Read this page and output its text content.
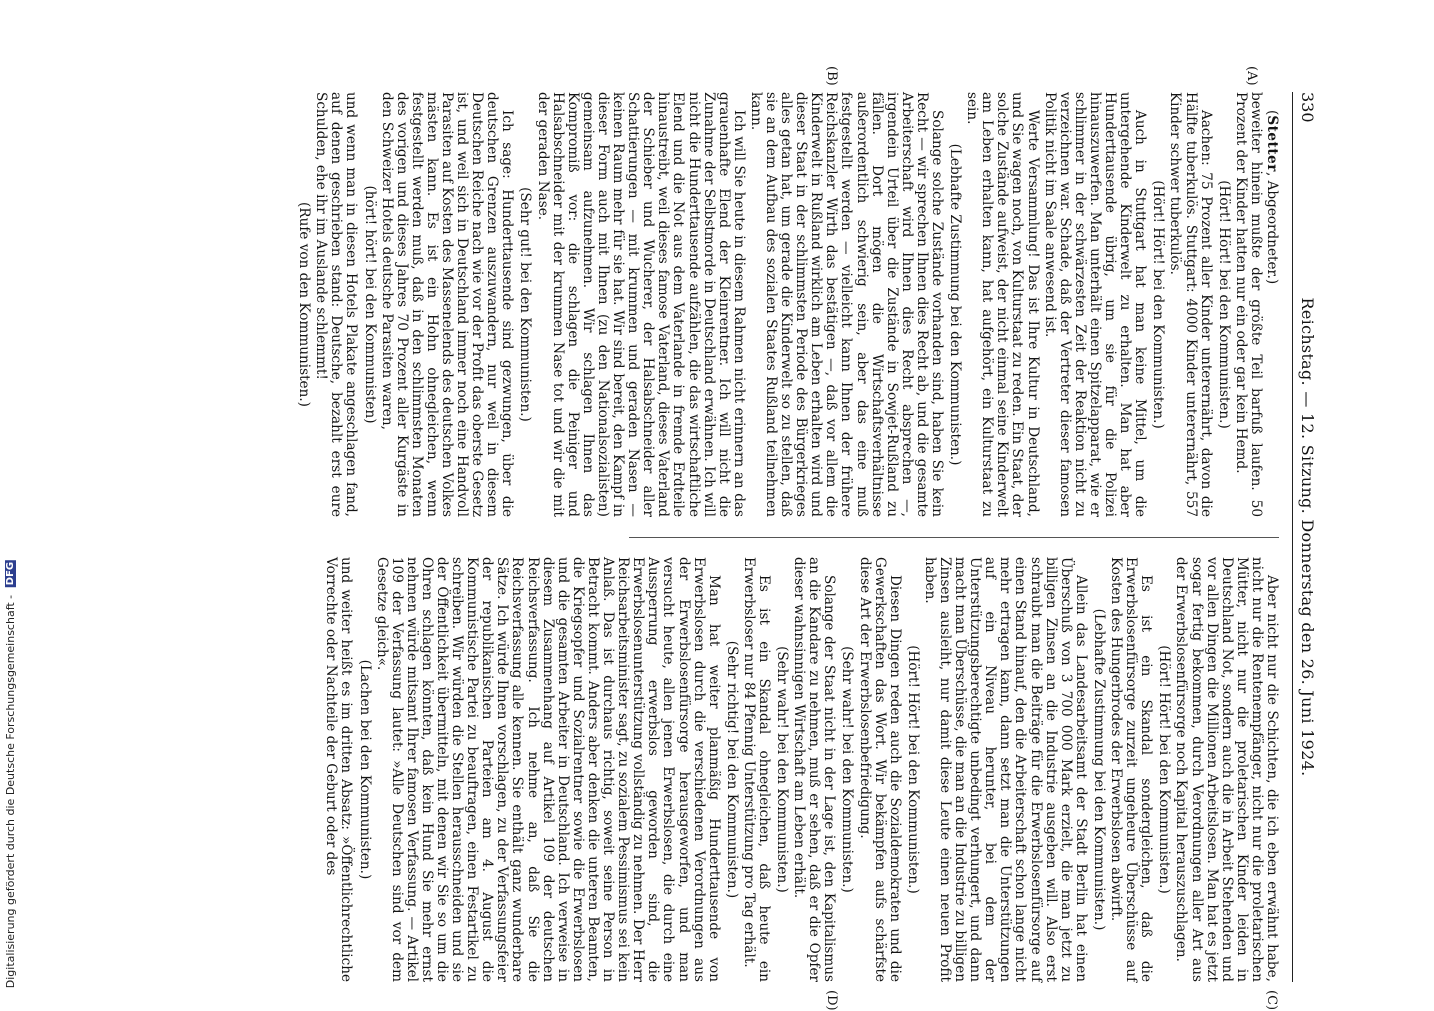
330
Reichstag. — 12. Sitzung. Donnerstag den 26. Juni 1924.
(A)
(B)
(C)
(D)
(Stetter, Abgeordneter.)

beweiter hinein mußte der größte Teil barfuß laufen. 50 Prozent der Kinder hatten nur ein oder gar kein Hemd.

(Hört! Hört! bei den Kommunisten.)

Aachen: 75 Prozent aller Kinder unterernährt, davon die Hälfte tuberkulös. Stuttgart: 4000 Kinder unterernährt, 557 Kinder schwer tuberkulös.

(Hört! Hört! bei den Kommunisten.)

Auch in Stuttgart hat man keine Mittel, um die untergehende Kinderwelt zu erhalten. Man hat aber Hunderttausende übrig, um sie für die Polizei hinauszuwerfen. Man unterhält einen Spitzelapparat, wie er schlimmer in der schwärzesten Zeit der Reaktion nicht zu verzeichnen war. Schade, daß der Vertreter dieser famosen Politik nicht im Saale anwesend ist.

Werte Versammlung! Das ist Ihre Kultur in Deutschland, und Sie wagen noch, von Kulturstaat zu reden. Ein Staat, der solche Zustände aufweist, der nicht einmal seine Kinderwelt am Leben erhalten kann, hat aufgehört, ein Kulturstaat zu sein.

(Lebhafte Zustimmung bei den Kommunisten.)

Solange solche Zustände vorhanden sind, haben Sie kein Recht — wir sprechen Ihnen dies Recht ab, und die gesamte Arbeiterschaft wird Ihnen dies Recht absprechen —, irgendein Urteil über die Zustände in Sowjet-Rußland zu fällen. Dort mögen die Wirtschaftsverhältnisse außerordentlich schwierig sein, aber das eine muß festgestellt werden — vielleicht kann Ihnen der frühere Reichskanzler Wirth das bestätigen —, daß vor allem die Kinderwelt in Rußland wirklich am Leben erhalten wird und dieser Staat in der schlimmsten Periode des Bürgerkrieges alles getan hat, um gerade die Kinderwelt so zu stellen, daß sie an dem Aufbau des sozialen Staates Rußland teilnehmen kann.

Ich will Sie heute in diesem Rahmen nicht erinnern an das grauenhafte Elend der Kleinrentner. Ich will nicht die Zunahme der Selbstmorde in Deutschland erwähnen. Ich will nicht die Hunderttausende aufzählen, die das wirtschaftliche Elend und die Not aus dem Vaterlande in fremde Erdteile hinaustreibt, weil dieses famose Vaterland, dieses Vaterland der Schieber und Wucherer, der Halsabschneider aller Schattierungen — mit krummen und geraden Nasen — keinen Raum mehr für sie hat. Wir sind bereit, den Kampf in dieser Form auch mit Ihnen (zu den Nationalsozialisten) gemeinsam aufzunehmen. Wir schlagen Ihnen das Kompromiß vor: die schlagen die Peiniger und Halsabschneider mit der krummen Nase tot und wir die mit der geraden Nase.

(Sehr gut! bei den Kommunisten.)

Ich sage: Hunderttausende sind gezwungen, über die deutschen Grenzen auszuwandern, nur weil in diesem Deutschen Reiche nach wie vor der Profit das oberste Gesetz ist, und weil sich in Deutschland immer noch eine Handvoll Parasiten auf Kosten des Massenelends des deutschen Volkes mästen kann. Es ist ein Hohn ohnegleichen, wenn festgestellt werden muß, daß in den schlimmsten Monaten des vorigen und dieses Jahres 70 Prozent aller Kurgäste in den Schweizer Hotels deutsche Parasiten waren,

(hört! hört! bei den Kommunisten)

und wenn man in diesen Hotels Plakate angeschlagen fand, auf denen geschrieben stand: Deutsche, bezahlt erst eure Schulden, ehe ihr im Auslande schlemmt!

(Rufe von den Kommunisten.)

Aber nicht nur die Schichten, die ich eben erwähnt habe, nicht nur die Rentenempfänger, nicht nur die proletarischen Mütter, nicht nur die proletarischen Kinder leiden in Deutschland Not, sondern auch die in Arbeit Stehenden und vor allen Dingen die Millionen Arbeitslosen. Man hat es jetzt sogar fertig bekommen, durch Verordnungen aller Art aus der Erwerbslosenfürsorge noch Kapital herauszuschlagen.

(Hört! Hört! bei den Kommunisten.)

Es ist ein Skandal sondergleichen, daß die Erwerbslosenfürsorge zurzeit ungeheure Überschüsse auf Kosten des Hungerbrodes der Erwerbslosen abwirft.

(Lebhafte Zustimmung bei den Kommunisten.)

Allein das Landesarbeitsamt der Stadt Berlin hat einen Überschuß von 3 700 000 Mark erzielt, die man jetzt zu billigen Zinsen an die Industrie ausgeben will. Also erst schraubt man die Beiträge für die Erwerbslosenfürsorge auf einen Stand hinauf, den die Arbeiterschaft schon lange nicht mehr ertragen kann, dann setzt man die Unterstützungen auf ein Niveau herunter, bei dem der Unterstützungsberechtigte unbedingt verhungert, und dann macht man Überschüsse, die man an die Industrie zu billigen Zinsen ausleiht, nur damit diese Leute einen neuen Profit haben.

(Hört! Hört! bei den Kommunisten.)

Diesen Dingen reden auch die Sozialdemokraten und die Gewerkschaften das Wort. Wir bekämpfen aufs schärfste diese Art der Erwerbslosenbefriedigung.

(Sehr wahr! bei den Kommunisten.)

Solange der Staat nicht in der Lage ist, den Kapitalismus an die Kandare zu nehmen, muß er sehen, daß er die Opfer dieser wahnsinnigen Wirtschaft am Leben erhält.

(Sehr wahr! bei den Kommunisten.)

Es ist ein Skandal ohnegleichen, daß heute ein Erwerbsloser nur 84 Pfennig Unterstützung pro Tag erhält.

(Sehr richtig! bei den Kommunisten.)

Man hat weiter planmäßig Hunderttausende von Erwerbslosen durch die verschiedenen Verordnungen aus der Erwerbslosenfürsorge herausgeworfen, und man versucht heute, allen jenen Erwerbslosen, die durch eine Aussperrung erwerbslos geworden sind, die Erwerbslosenunterstützung vollständig zu nehmen. Der Herr Reichsarbeitsminister sagt, zu sozialem Pessimismus sei kein Anlaß. Das ist durchaus richtig, soweit seine Person in Betracht kommt. Anders aber denken die unteren Beamten, die Kriegsopfer und Sozialrentner sowie die Erwerbslosen und die gesamten Arbeiter in Deutschland. Ich verweise in diesem Zusammenhang auf Artikel 109 der deutschen Reichsverfassung. Ich nehme an, daß Sie die Reichsverfassung alle kennen. Sie enthält ganz wunderbare Sätze. Ich würde Ihnen vorschlagen, zu der Verfassungsfeier der republikanischen Parteien am 4. August die Kommunistische Partei zu beauftragen, einen Festartikel zu schreiben. Wir würden die Stellen herausschneiden und sie der Öffentlichkeit übermitteln, mit denen wir Sie so um die Ohren schlagen könnten, daß kein Hund Sie mehr ernst nehmen würde mitsamt Ihrer famosen Verfassung. — Artikel 109 der Verfassung lautet: »Alle Deutschen sind vor dem Gesetze gleich«.

(Lachen bei den Kommunisten.)

und weiter heißt es im dritten Absatz: »Öffentlichrechtliche Vorrechte oder Nachteile der Geburt oder des

Digitalisierung gefördert durch die Deutsche Forschungsgemeinschaft - DFG
